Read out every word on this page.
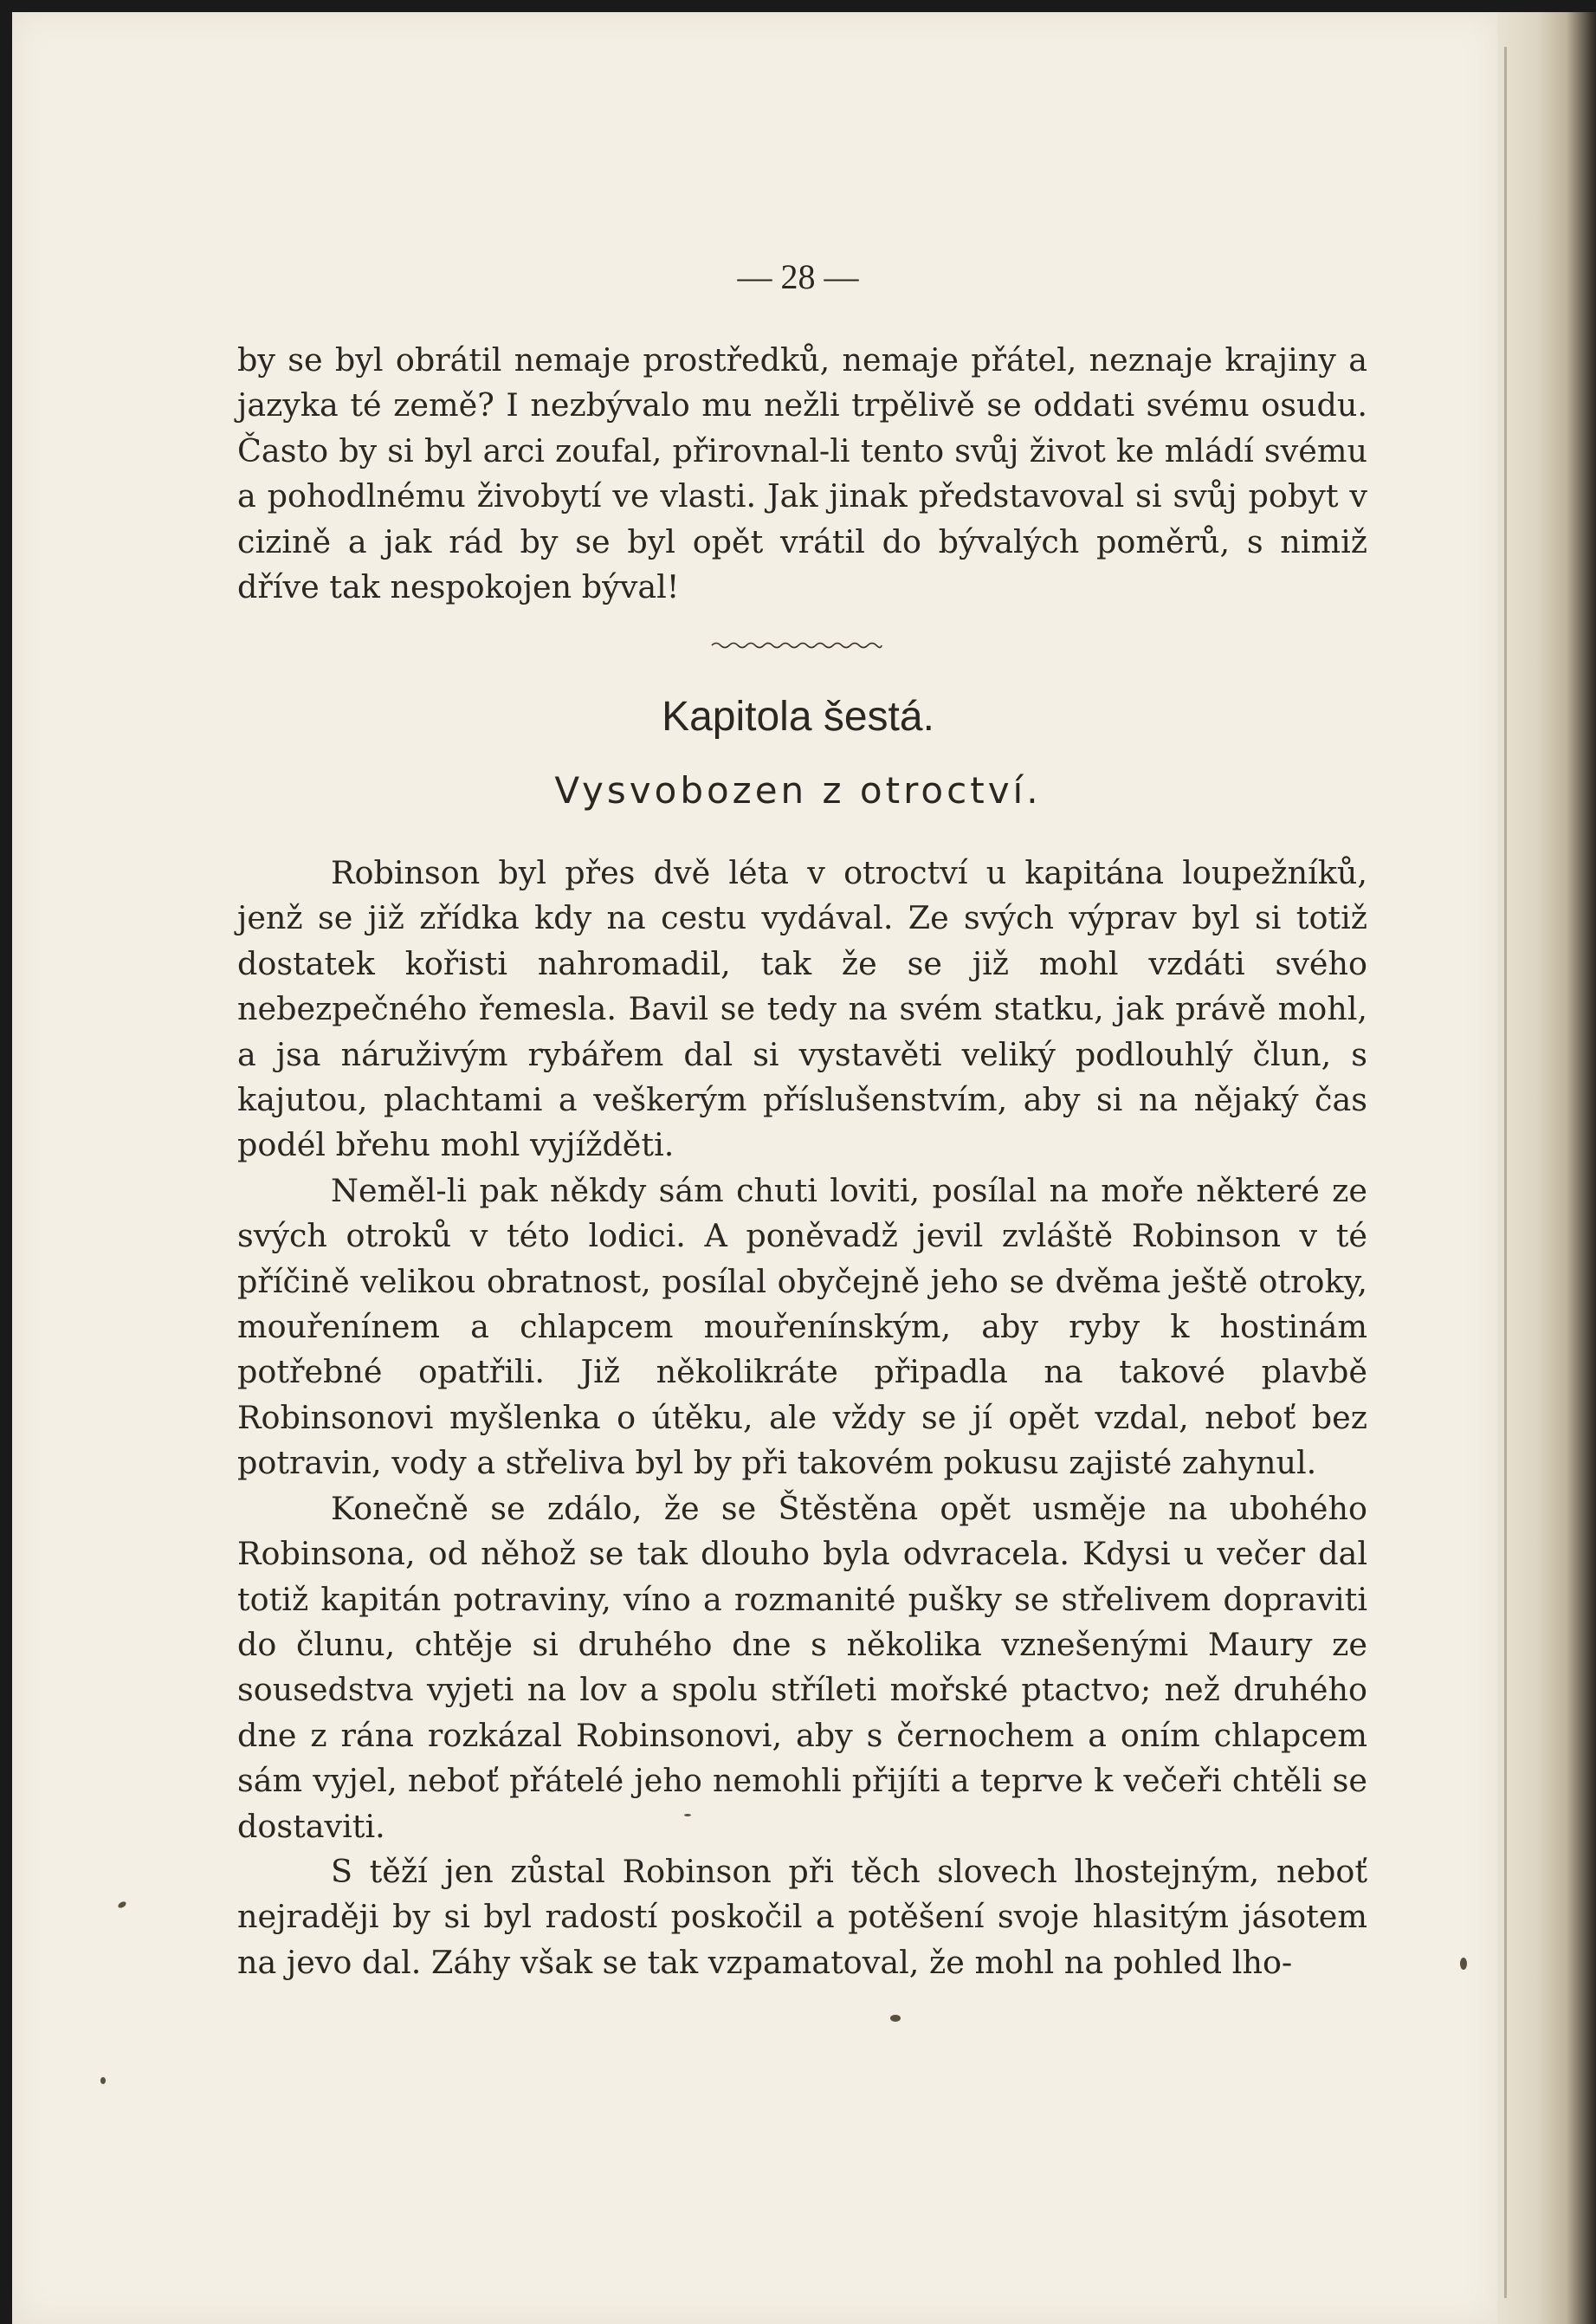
— 28 —

by se byl obrátil nemaje prostředků, nemaje přátel, neznaje krajiny a jazyka té země? I nezbývalo mu nežli trpělivě se oddati svému osudu. Často by si byl arci zoufal, přirovnal-li tento svůj život ke mládí svému a pohodlnému živobytí ve vlasti. Jak jinak představoval si svůj pobyt v cizině a jak rád by se byl opět vrátil do bývalých poměrů, s nimiž dříve tak nespokojen býval!

Kapitola šestá.
Vysvobozen z otroctví.

Robinson byl přes dvě léta v otroctví u kapitána loupežníků, jenž se již zřídka kdy na cestu vydával. Ze svých výprav byl si totiž dostatek kořisti nahromadil, tak že se již mohl vzdáti svého nebezpečného řemesla. Bavil se tedy na svém statku, jak právě mohl, a jsa náruživým rybářem dal si vystavěti veliký podlouhlý člun, s kajutou, plachtami a veškerým příslušenstvím, aby si na nějaký čas podél břehu mohl vyjížděti.

Neměl-li pak někdy sám chuti loviti, posílal na moře některé ze svých otroků v této lodici. A poněvadž jevil zvláště Robinson v té příčině velikou obratnost, posílal obyčejně jeho se dvěma ještě otroky, mouřenínem a chlapcem mouřenínským, aby ryby k hostinám potřebné opatřili. Již několikráte připadla na takové plavbě Robinsonovi myšlenka o útěku, ale vždy se jí opět vzdal, neboť bez potravin, vody a střeliva byl by při takovém pokusu zajisté zahynul.

Konečně se zdálo, že se Štěstěna opět usměje na ubohého Robinsona, od něhož se tak dlouho byla odvracela. Kdysi u večer dal totiž kapitán potraviny, víno a rozmanité pušky se střelivem dopraviti do člunu, chtěje si druhého dne s několika vznešenými Maury ze sousedstva vyjeti na lov a spolu stříleti mořské ptactvo; než druhého dne z rána rozkázal Robinsonovi, aby s černochem a oním chlapcem sám vyjel, neboť přátelé jeho nemohli přijíti a teprve k večeři chtěli se dostaviti.

S těží jen zůstal Robinson při těch slovech lhostejným, neboť nejraději by si byl radostí poskočil a potěšení svoje hlasitým jásotem na jevo dal. Záhy však se tak vzpamatoval, že mohl na pohled lho-
